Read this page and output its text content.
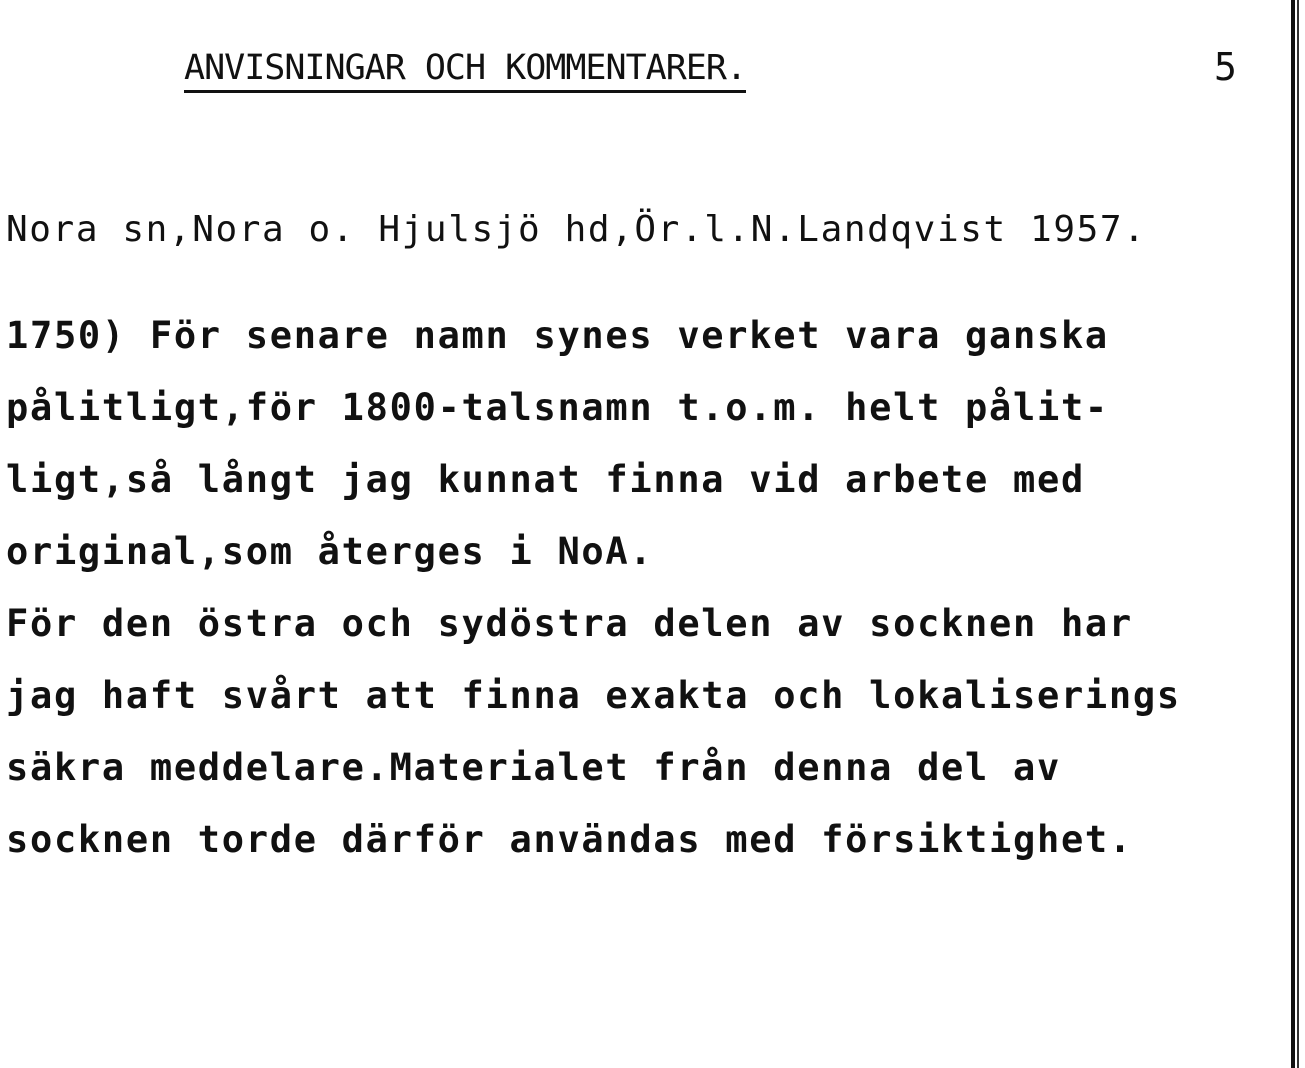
ANVISNINGAR OCH KOMMENTARER.	5
Nora sn,Nora o. Hjulsjö hd,Ör.l.N.Landqvist 1957.
1750) För senare namn synes verket vara ganska
pålitligt,för 1800-talsnamn t.o.m. helt pålit-
ligt,så långt jag kunnat finna vid arbete med
original,som återges i NoA.
För den östra och sydöstra delen av socknen har
jag haft svårt att finna exakta och lokaliserings
säkra meddelare.Materialet från denna del av
socknen torde därför användas med försiktighet.
